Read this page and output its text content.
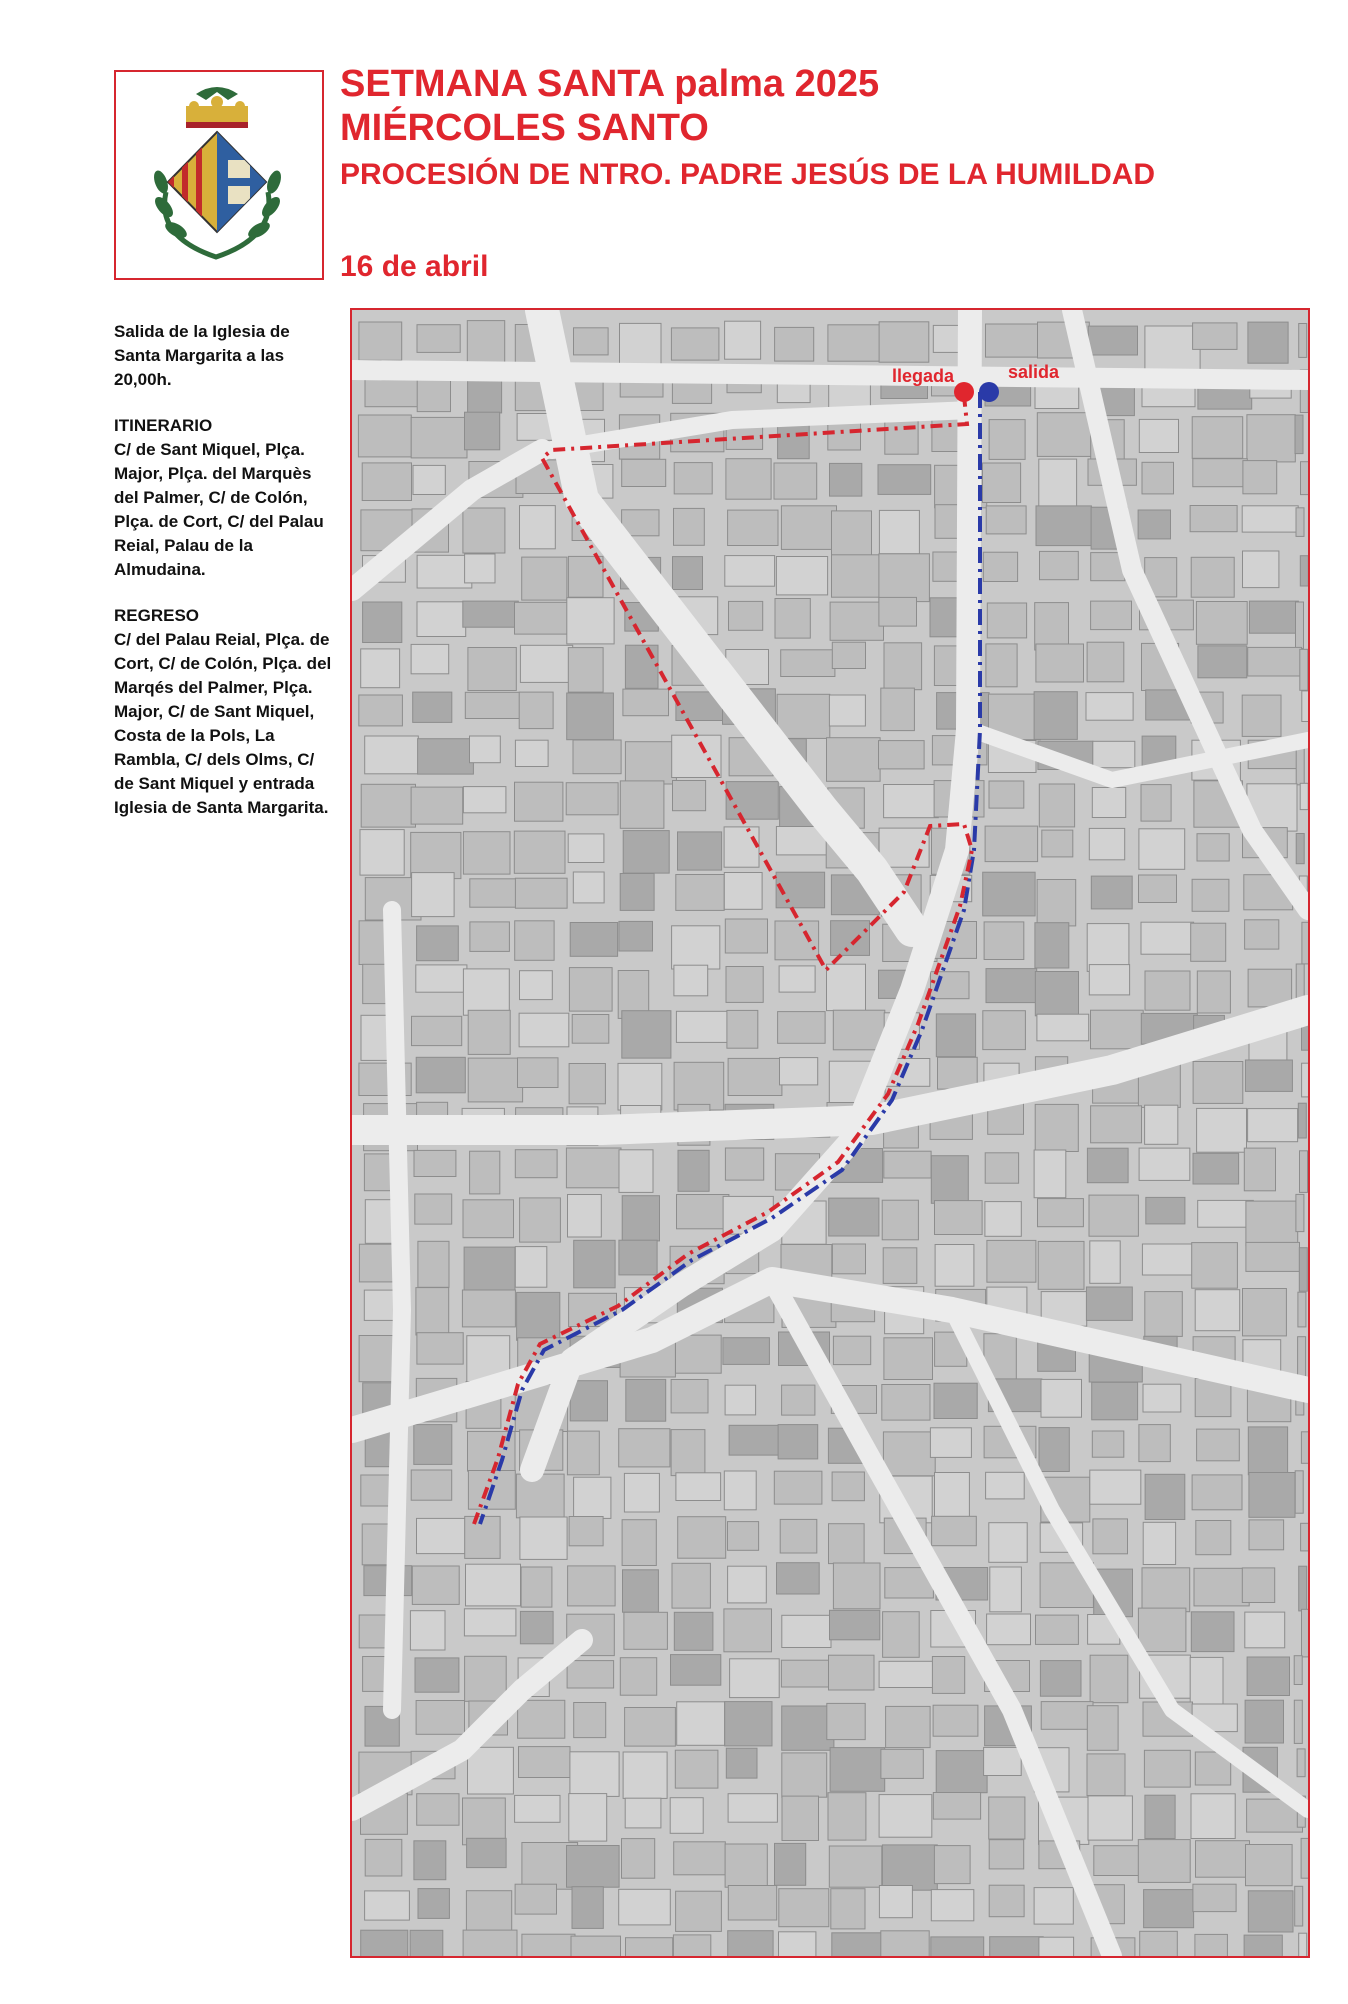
SETMANA SANTA palma 2025
MIÉRCOLES SANTO
PROCESIÓN DE NTRO. PADRE JESÚS DE LA HUMILDAD
16 de abril

Salida de la Iglesia de Santa Margarita a las 20,00h.

ITINERARIO
C/ de Sant Miquel, Plça. Major, Plça. del Marquès del Palmer, C/ de Colón, Plça. de Cort, C/ del Palau Reial, Palau de la Almudaina.

REGRESO
C/ del Palau Reial, Plça. de Cort, C/ de Colón, Plça. del Marqés del Palmer, Plça. Major, C/ de Sant Miquel, Costa de la Pols, La Rambla, C/ dels Olms, C/ de Sant Miquel y entrada Iglesia de Santa Margarita.

llegada	salida
